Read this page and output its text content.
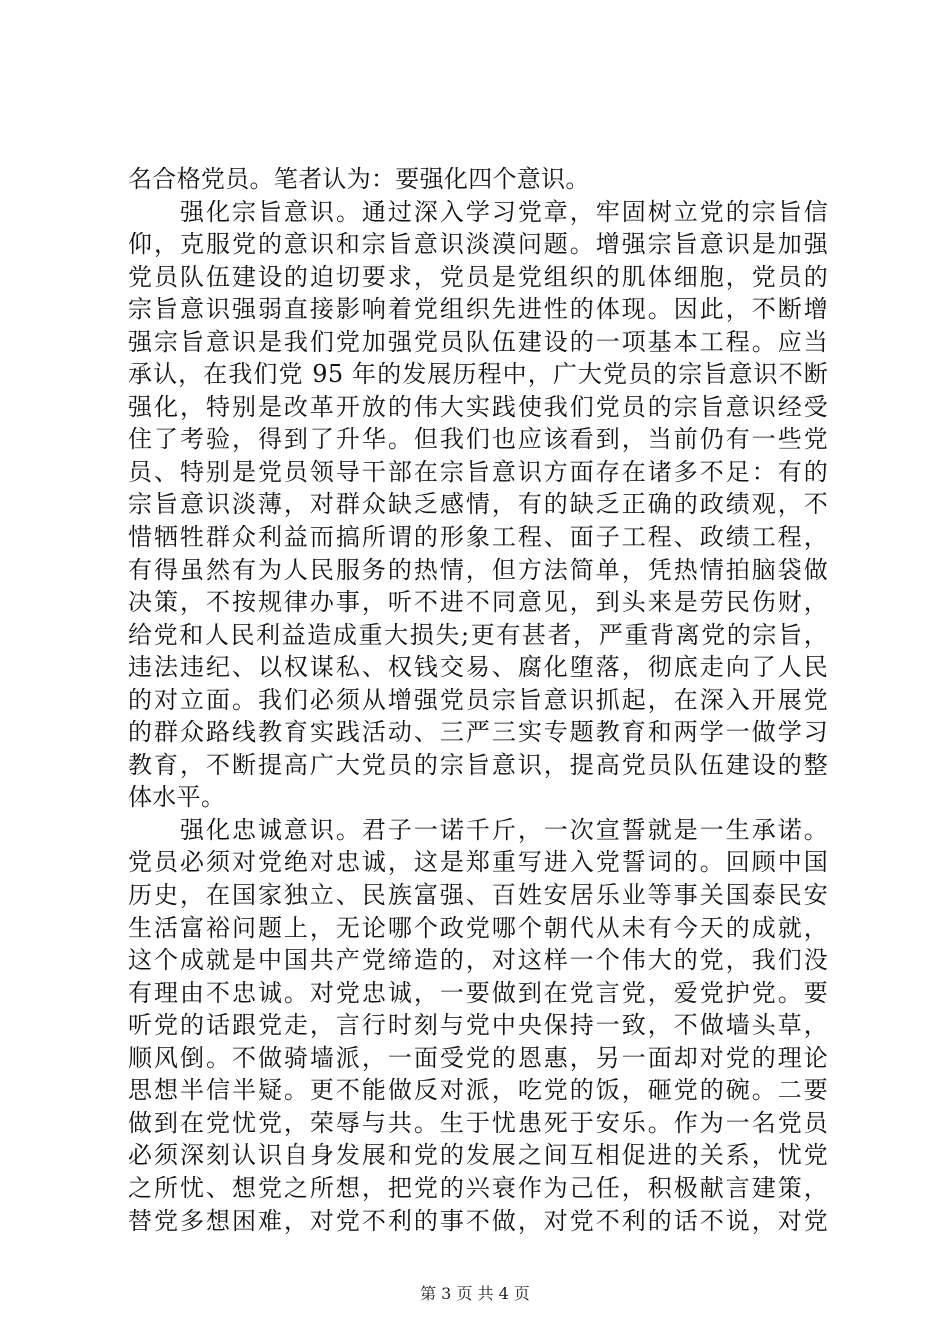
名合格党员。笔者认为：要强化四个意识。
　　强化宗旨意识。通过深入学习党章，牢固树立党的宗旨信
仰，克服党的意识和宗旨意识淡漠问题。增强宗旨意识是加强
党员队伍建设的迫切要求，党员是党组织的肌体细胞，党员的
宗旨意识强弱直接影响着党组织先进性的体现。因此，不断增
强宗旨意识是我们党加强党员队伍建设的一项基本工程。应当
承认，在我们党 95 年的发展历程中，广大党员的宗旨意识不断
强化，特别是改革开放的伟大实践使我们党员的宗旨意识经受
住了考验，得到了升华。但我们也应该看到，当前仍有一些党
员、特别是党员领导干部在宗旨意识方面存在诸多不足：有的
宗旨意识淡薄，对群众缺乏感情，有的缺乏正确的政绩观，不
惜牺牲群众利益而搞所谓的形象工程、面子工程、政绩工程，
有得虽然有为人民服务的热情，但方法简单，凭热情拍脑袋做
决策，不按规律办事，听不进不同意见，到头来是劳民伤财，
给党和人民利益造成重大损失;更有甚者，严重背离党的宗旨，
违法违纪、以权谋私、权钱交易、腐化堕落，彻底走向了人民
的对立面。我们必须从增强党员宗旨意识抓起，在深入开展党
的群众路线教育实践活动、三严三实专题教育和两学一做学习
教育，不断提高广大党员的宗旨意识，提高党员队伍建设的整
体水平。
　　强化忠诚意识。君子一诺千斤，一次宣誓就是一生承诺。
党员必须对党绝对忠诚，这是郑重写进入党誓词的。回顾中国
历史，在国家独立、民族富强、百姓安居乐业等事关国泰民安
生活富裕问题上，无论哪个政党哪个朝代从未有今天的成就，
这个成就是中国共产党缔造的，对这样一个伟大的党，我们没
有理由不忠诚。对党忠诚，一要做到在党言党，爱党护党。要
听党的话跟党走，言行时刻与党中央保持一致，不做墙头草，
顺风倒。不做骑墙派，一面受党的恩惠，另一面却对党的理论
思想半信半疑。更不能做反对派，吃党的饭，砸党的碗。二要
做到在党忧党，荣辱与共。生于忧患死于安乐。作为一名党员
必须深刻认识自身发展和党的发展之间互相促进的关系，忧党
之所忧、想党之所想，把党的兴衰作为己任，积极献言建策，
替党多想困难，对党不利的事不做，对党不利的话不说，对党
第 3 页 共 4 页
